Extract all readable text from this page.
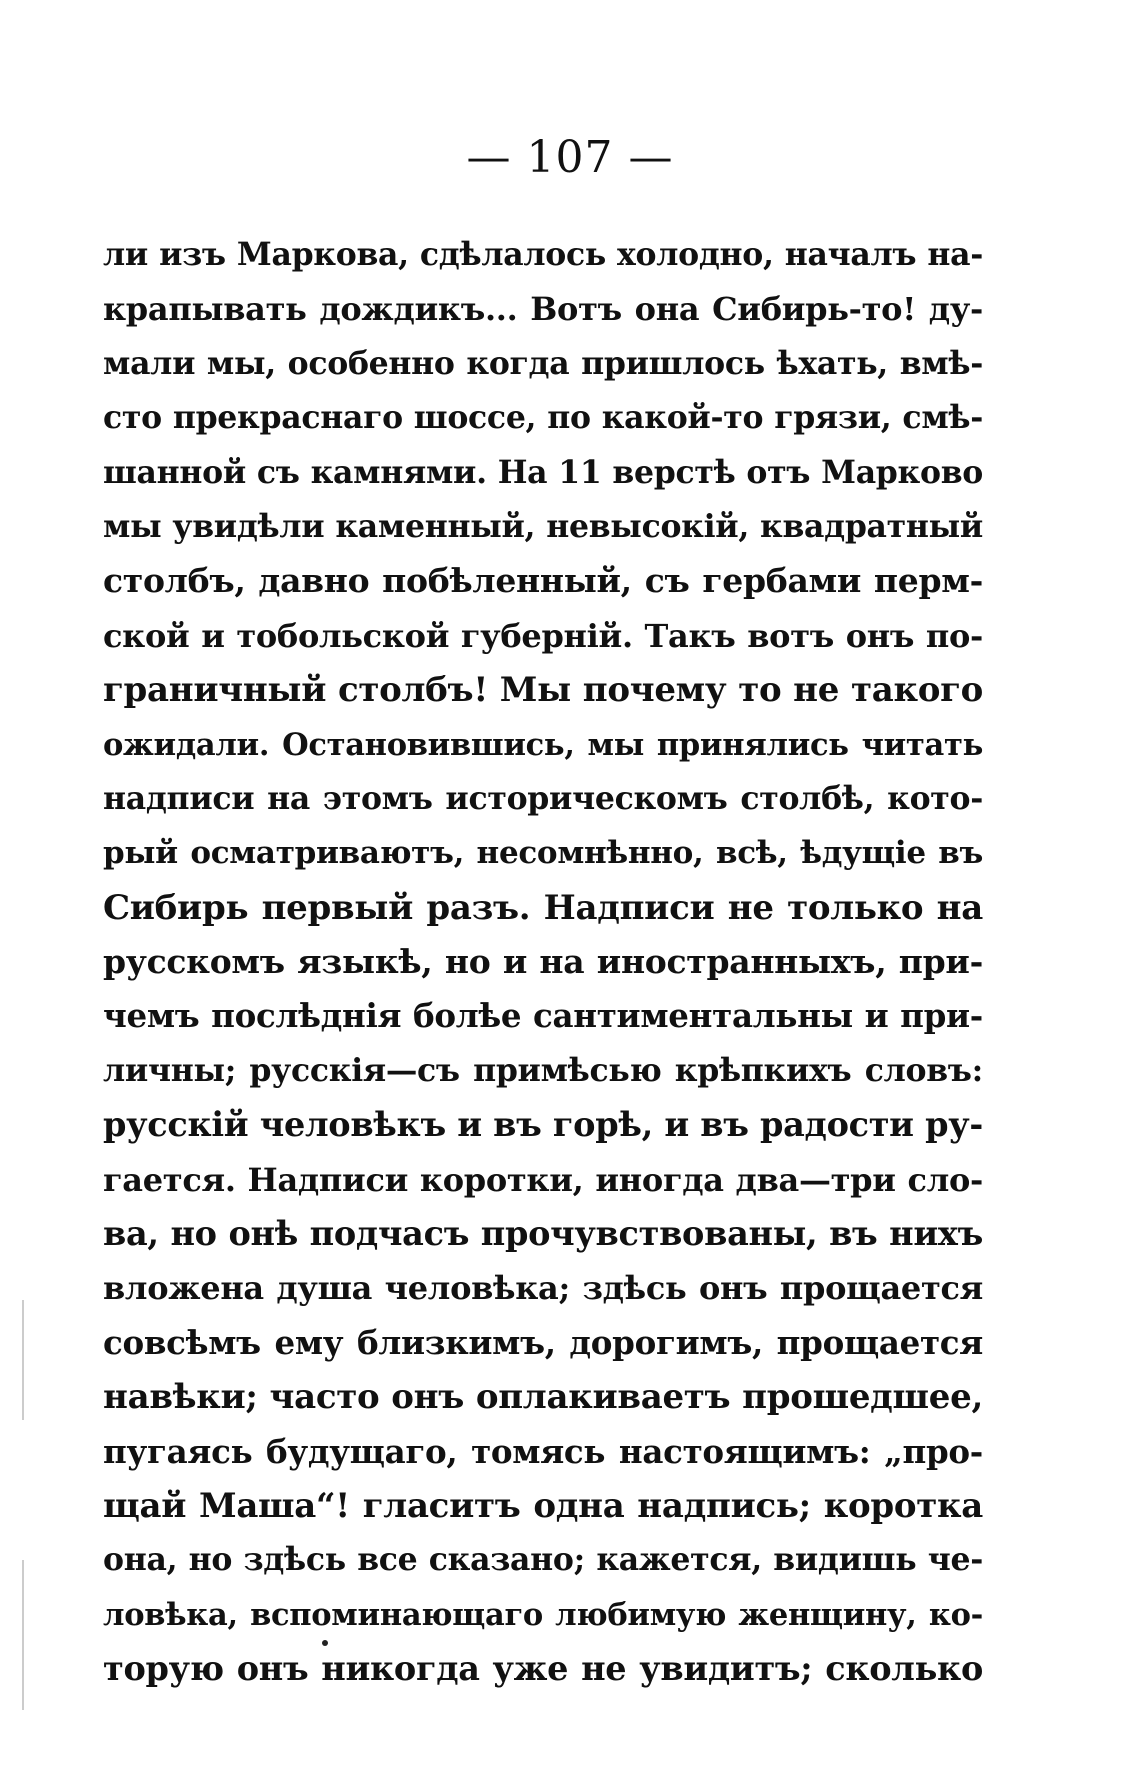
— 107 —
ли изъ Маркова, сдѣлалось холодно, началъ на-
крапывать дождикъ... Вотъ она Сибирь-то! ду-
мали мы, особенно когда пришлось ѣхать, вмѣ-
сто прекраснаго шоссе, по какой-то грязи, смѣ-
шанной съ камнями. На 11 верстѣ отъ Марково
мы увидѣли каменный, невысокій, квадратный
столбъ, давно побѣленный, съ гербами перм-
ской и тобольской губерній. Такъ вотъ онъ по-
граничный столбъ! Мы почему то не такого
ожидали. Остановившись, мы принялись читать
надписи на этомъ историческомъ столбѣ, кото-
рый осматриваютъ, несомнѣнно, всѣ, ѣдущіе въ
Сибирь первый разъ. Надписи не только на
русскомъ языкѣ, но и на иностранныхъ, при-
чемъ послѣднія болѣе сантиментальны и при-
личны; русскія—съ примѣсью крѣпкихъ словъ:
русскій человѣкъ и въ горѣ, и въ радости ру-
гается. Надписи коротки, иногда два—три сло-
ва, но онѣ подчасъ прочувствованы, въ нихъ
вложена душа человѣка; здѣсь онъ прощается
совсѣмъ ему близкимъ, дорогимъ, прощается
навѣки; часто онъ оплакиваетъ прошедшее,
пугаясь будущаго, томясь настоящимъ: „про-
щай Маша“! гласитъ одна надпись; коротка
она, но здѣсь все сказано; кажется, видишь че-
ловѣка, вспоминающаго любимую женщину, ко-
торую онъ никогда уже не увидитъ; сколько
